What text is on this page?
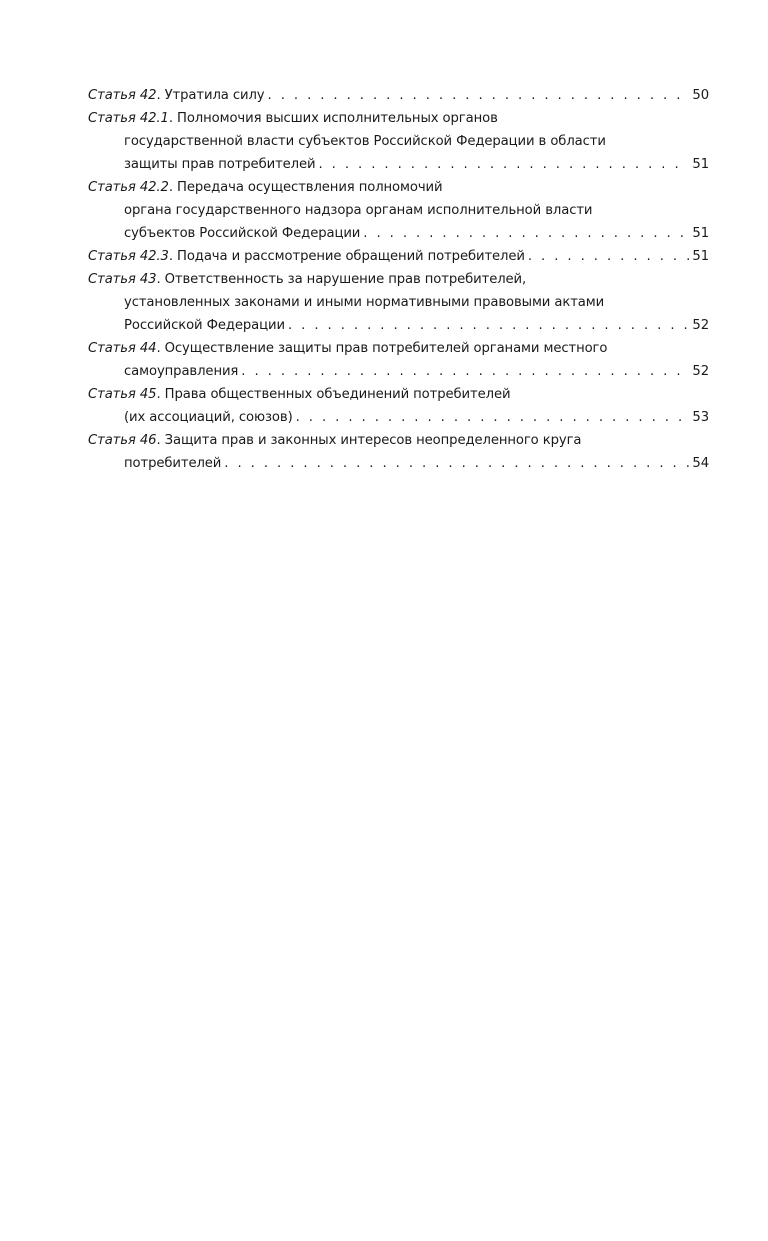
Статья 42. Утратила силу . . .	50
Статья 42.1. Полномочия высших исполнительных органов
государственной власти субъектов Российской Федерации в области
защиты прав потребителей . . .	51
Статья 42.2. Передача осуществления полномочий
органа государственного надзора органам исполнительной власти
субъектов Российской Федерации . . .	51
Статья 42.3. Подача и рассмотрение обращений потребителей . . .	51
Статья 43. Ответственность за нарушение прав потребителей,
установленных законами и иными нормативными правовыми актами
Российской Федерации . . .	52
Статья 44. Осуществление защиты прав потребителей органами местного
самоуправления . . .	52
Статья 45. Права общественных объединений потребителей
(их ассоциаций, союзов) . . .	53
Статья 46. Защита прав и законных интересов неопределенного круга
потребителей . . .	54
